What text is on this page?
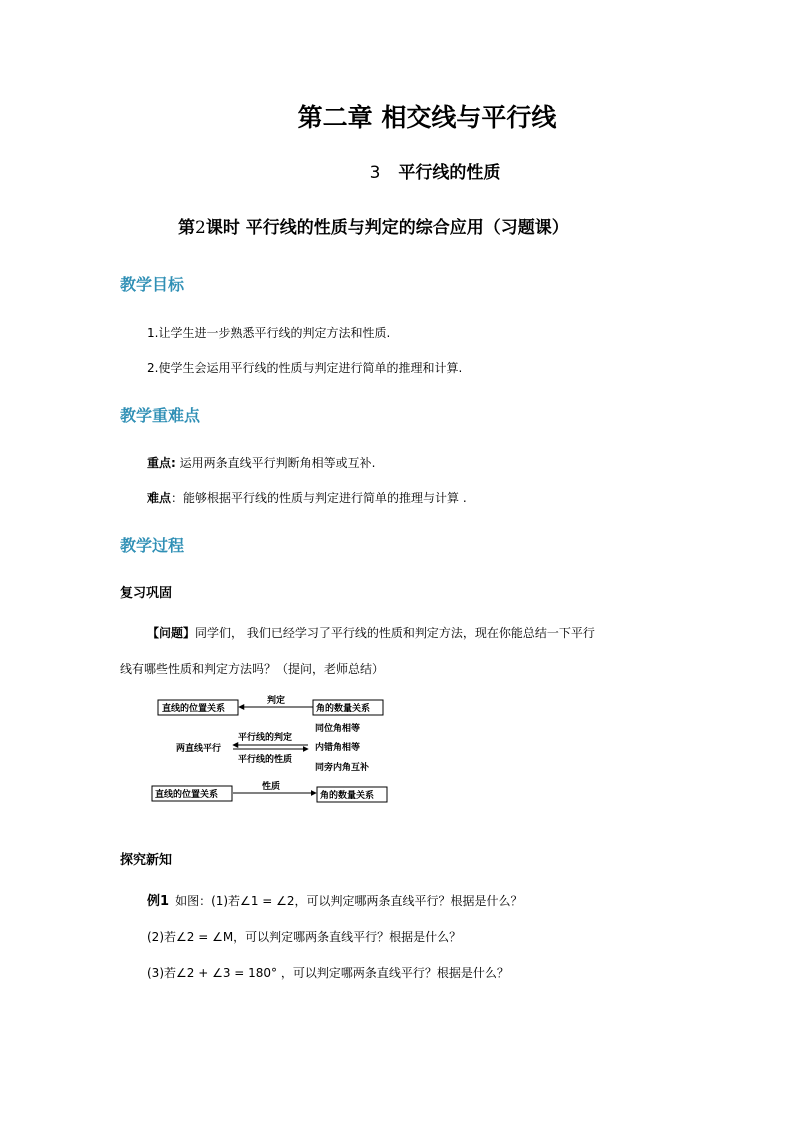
第二章 相交线与平行线
3 平行线的性质
第2课时 平行线的性质与判定的综合应用（习题课）
教学目标
1.让学生进一步熟悉平行线的判定方法和性质.
2.使学生会运用平行线的性质与判定进行简单的推理和计算.
教学重难点
重点: 运用两条直线平行判断角相等或互补.
难点：能够根据平行线的性质与判定进行简单的推理与计算 .
教学过程
复习巩固
【问题】同学们， 我们已经学习了平行线的性质和判定方法，现在你能总结一下平行
线有哪些性质和判定方法吗？（提问，老师总结）
直线的位置关系	角的数量关系
判定
两直线平行
平行线的判定
平行线的性质
同位角相等
内错角相等
同旁内角互补
直线的位置关系	角的数量关系
性质
探究新知
例1 如图：(1)若∠1 = ∠2，可以判定哪两条直线平行？根据是什么？
(2)若∠2 = ∠M，可以判定哪两条直线平行？根据是什么？
(3)若∠2 + ∠3 = 180° ，可以判定哪两条直线平行？根据是什么？
